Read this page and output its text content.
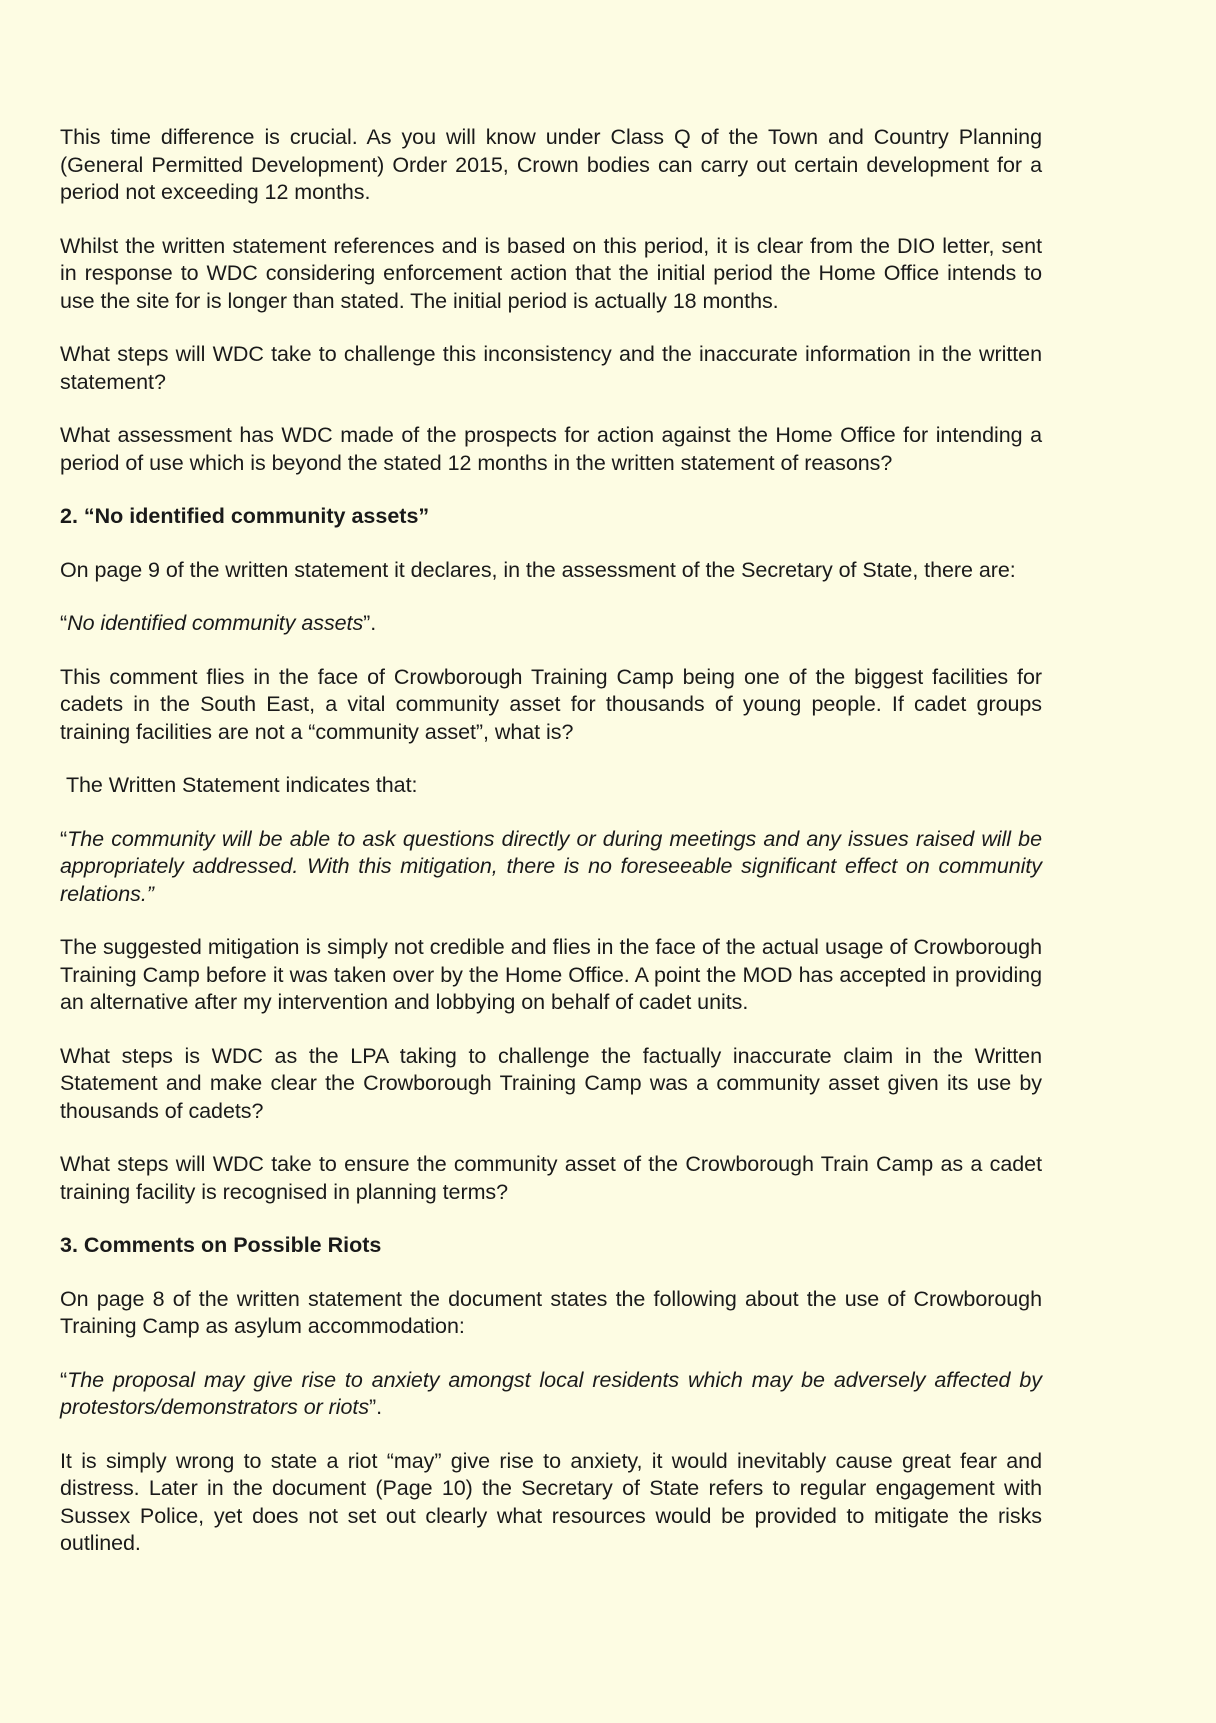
This time difference is crucial. As you will know under Class Q of the Town and Country Planning (General Permitted Development) Order 2015, Crown bodies can carry out certain development for a period not exceeding 12 months.

Whilst the written statement references and is based on this period, it is clear from the DIO letter, sent in response to WDC considering enforcement action that the initial period the Home Office intends to use the site for is longer than stated. The initial period is actually 18 months.

What steps will WDC take to challenge this inconsistency and the inaccurate information in the written statement?

What assessment has WDC made of the prospects for action against the Home Office for intending a period of use which is beyond the stated 12 months in the written statement of reasons?

2. “No identified community assets”

On page 9 of the written statement it declares, in the assessment of the Secretary of State, there are:

“No identified community assets”.

This comment flies in the face of Crowborough Training Camp being one of the biggest facilities for cadets in the South East, a vital community asset for thousands of young people. If cadet groups training facilities are not a “community asset”, what is?

The Written Statement indicates that:

“The community will be able to ask questions directly or during meetings and any issues raised will be appropriately addressed. With this mitigation, there is no foreseeable significant effect on community relations.”

The suggested mitigation is simply not credible and flies in the face of the actual usage of Crowborough Training Camp before it was taken over by the Home Office. A point the MOD has accepted in providing an alternative after my intervention and lobbying on behalf of cadet units.

What steps is WDC as the LPA taking to challenge the factually inaccurate claim in the Written Statement and make clear the Crowborough Training Camp was a community asset given its use by thousands of cadets?

What steps will WDC take to ensure the community asset of the Crowborough Train Camp as a cadet training facility is recognised in planning terms?

3. Comments on Possible Riots

On page 8 of the written statement the document states the following about the use of Crowborough Training Camp as asylum accommodation:

“The proposal may give rise to anxiety amongst local residents which may be adversely affected by protestors/demonstrators or riots”.

It is simply wrong to state a riot “may” give rise to anxiety, it would inevitably cause great fear and distress. Later in the document (Page 10) the Secretary of State refers to regular engagement with Sussex Police, yet does not set out clearly what resources would be provided to mitigate the risks outlined.
